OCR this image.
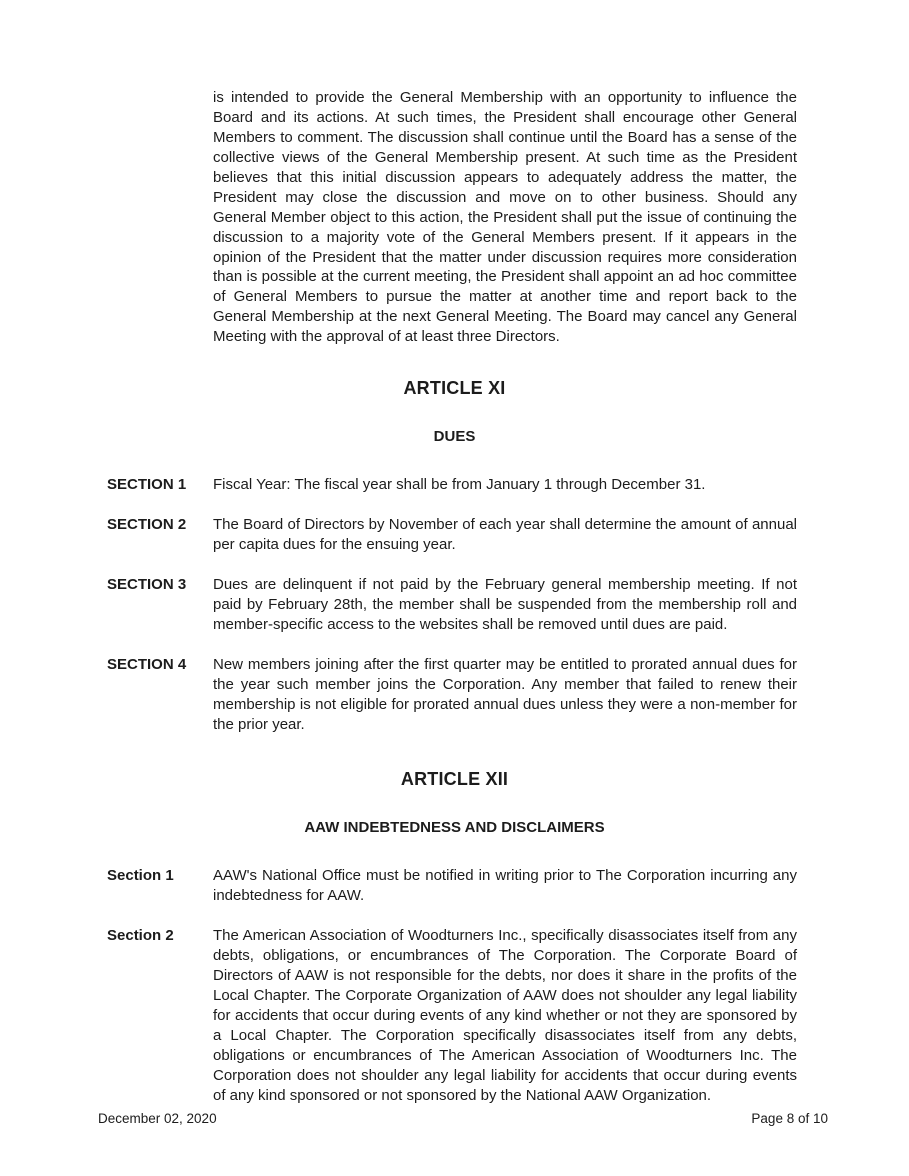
is intended to provide the General Membership with an opportunity to influence the Board and its actions. At such times, the President shall encourage other General Members to comment. The discussion shall continue until the Board has a sense of the collective views of the General Membership present. At such time as the President believes that this initial discussion appears to adequately address the matter, the President may close the discussion and move on to other business. Should any General Member object to this action, the President shall put the issue of continuing the discussion to a majority vote of the General Members present. If it appears in the opinion of the President that the matter under discussion requires more consideration than is possible at the current meeting, the President shall appoint an ad hoc committee of General Members to pursue the matter at another time and report back to the General Membership at the next General Meeting. The Board may cancel any General Meeting with the approval of at least three Directors.

ARTICLE XI
DUES
SECTION 1	Fiscal Year: The fiscal year shall be from January 1 through December 31.
SECTION 2	The Board of Directors by November of each year shall determine the amount of annual per capita dues for the ensuing year.
SECTION 3	Dues are delinquent if not paid by the February general membership meeting. If not paid by February 28th, the member shall be suspended from the membership roll and member-specific access to the websites shall be removed until dues are paid.
SECTION 4	New members joining after the first quarter may be entitled to prorated annual dues for the year such member joins the Corporation. Any member that failed to renew their membership is not eligible for prorated annual dues unless they were a non-member for the prior year.
ARTICLE XII
AAW INDEBTEDNESS AND DISCLAIMERS
Section 1	AAW's National Office must be notified in writing prior to The Corporation incurring any indebtedness for AAW.
Section 2	The American Association of Woodturners Inc., specifically disassociates itself from any debts, obligations, or encumbrances of The Corporation. The Corporate Board of Directors of AAW is not responsible for the debts, nor does it share in the profits of the Local Chapter. The Corporate Organization of AAW does not shoulder any legal liability for accidents that occur during events of any kind whether or not they are sponsored by a Local Chapter. The Corporation specifically disassociates itself from any debts, obligations or encumbrances of The American Association of Woodturners Inc. The Corporation does not shoulder any legal liability for accidents that occur during events of any kind sponsored or not sponsored by the National AAW Organization.
December 02, 2020	Page 8 of 10
